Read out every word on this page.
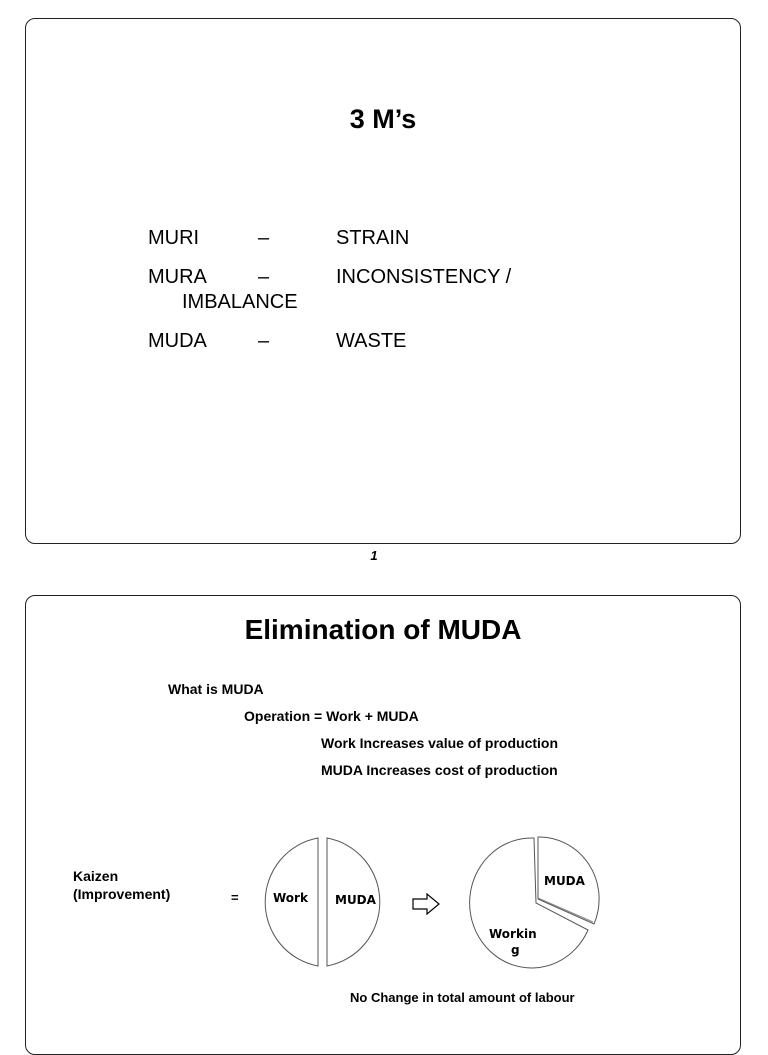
3 M’s
MURI	–	STRAIN
MURA	–	INCONSISTENCY /
IMBALANCE
MUDA	–	WASTE
1
Elimination of MUDA
What is MUDA
Operation = Work + MUDA
Work Increases value of production
MUDA Increases cost of production
Kaizen
(Improvement)	=	Work MUDA
MUDA
Workin
g
No Change in total amount of labour
